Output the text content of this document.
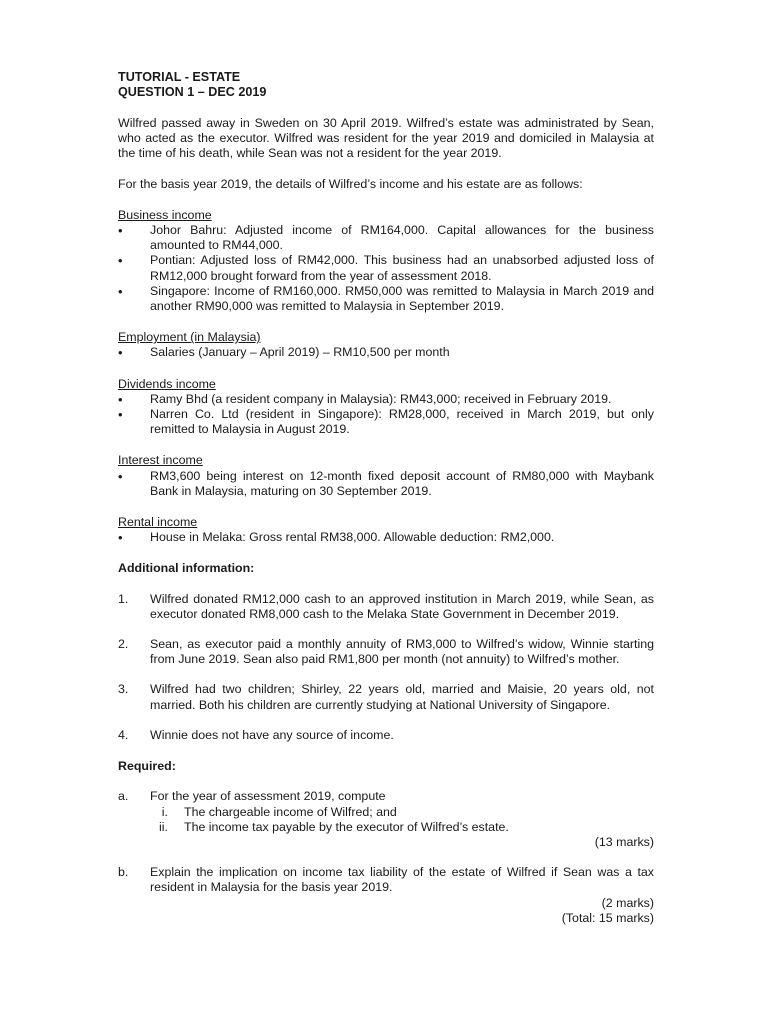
TUTORIAL - ESTATE
QUESTION 1 – DEC 2019

Wilfred passed away in Sweden on 30 April 2019. Wilfred’s estate was administrated by Sean, who acted as the executor. Wilfred was resident for the year 2019 and domiciled in Malaysia at the time of his death, while Sean was not a resident for the year 2019.

For the basis year 2019, the details of Wilfred’s income and his estate are as follows:

Business income
• Johor Bahru: Adjusted income of RM164,000. Capital allowances for the business amounted to RM44,000.
• Pontian: Adjusted loss of RM42,000. This business had an unabsorbed adjusted loss of RM12,000 brought forward from the year of assessment 2018.
• Singapore: Income of RM160,000. RM50,000 was remitted to Malaysia in March 2019 and another RM90,000 was remitted to Malaysia in September 2019.
Employment (in Malaysia)
• Salaries (January – April 2019) – RM10,500 per month
Dividends income
• Ramy Bhd (a resident company in Malaysia): RM43,000; received in February 2019.
• Narren Co. Ltd (resident in Singapore): RM28,000, received in March 2019, but only remitted to Malaysia in August 2019.
Interest income
• RM3,600 being interest on 12-month fixed deposit account of RM80,000 with Maybank Bank in Malaysia, maturing on 30 September 2019.
Rental income
• House in Melaka: Gross rental RM38,000. Allowable deduction: RM2,000.
Additional information:
1. Wilfred donated RM12,000 cash to an approved institution in March 2019, while Sean, as executor donated RM8,000 cash to the Melaka State Government in December 2019.
2. Sean, as executor paid a monthly annuity of RM3,000 to Wilfred’s widow, Winnie starting from June 2019. Sean also paid RM1,800 per month (not annuity) to Wilfred’s mother.
3. Wilfred had two children; Shirley, 22 years old, married and Maisie, 20 years old, not married. Both his children are currently studying at National University of Singapore.
4. Winnie does not have any source of income.
Required:
a. For the year of assessment 2019, compute
i. The chargeable income of Wilfred; and
ii. The income tax payable by the executor of Wilfred’s estate.
(13 marks)
b. Explain the implication on income tax liability of the estate of Wilfred if Sean was a tax resident in Malaysia for the basis year 2019.
(2 marks)
(Total: 15 marks)
